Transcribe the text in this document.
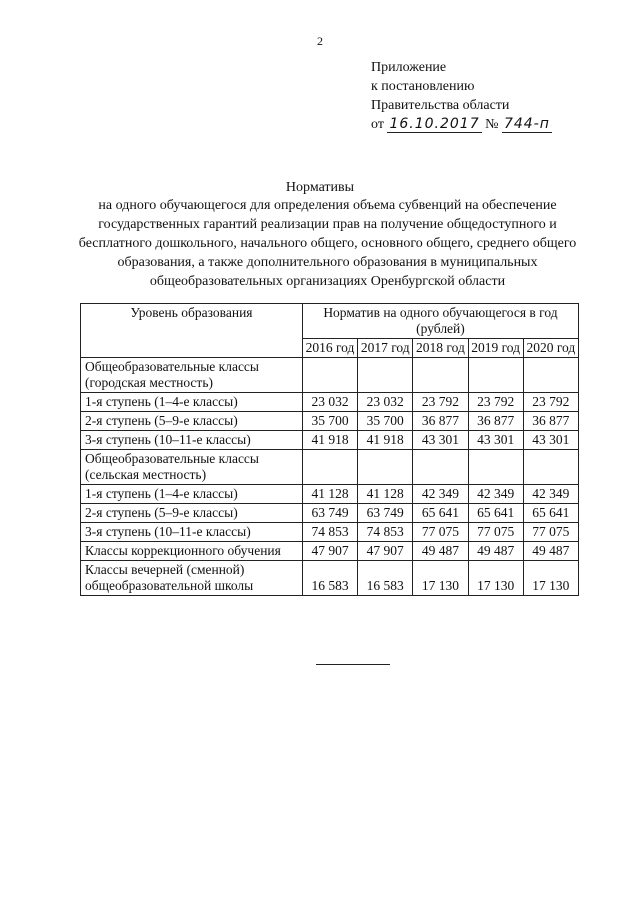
2
Приложение
к постановлению
Правительства области
от 16.10.2017 № 744-п
Нормативы
на одного обучающегося для определения объема субвенций на обеспечение государственных гарантий реализации прав на получение общедоступного и бесплатного дошкольного, начального общего, основного общего, среднего общего образования, а также дополнительного образования в муниципальных общеобразовательных организациях Оренбургской области
Уровень образования	Норматив на одного обучающегося в год (рублей)				
	2016 год	2017 год	2018 год	2019 год	2020 год
Общеобразовательные классы (городская местность)					
1-я ступень (1–4-е классы)	23 032	23 032	23 792	23 792	23 792
2-я ступень (5–9-е классы)	35 700	35 700	36 877	36 877	36 877
3-я ступень (10–11-е классы)	41 918	41 918	43 301	43 301	43 301
Общеобразовательные классы (сельская местность)					
1-я ступень (1–4-е классы)	41 128	41 128	42 349	42 349	42 349
2-я ступень (5–9-е классы)	63 749	63 749	65 641	65 641	65 641
3-я ступень (10–11-е классы)	74 853	74 853	77 075	77 075	77 075
Классы коррекционного обучения	47 907	47 907	49 487	49 487	49 487
Классы вечерней (сменной) общеобразовательной школы	16 583	16 583	17 130	17 130	17 130
